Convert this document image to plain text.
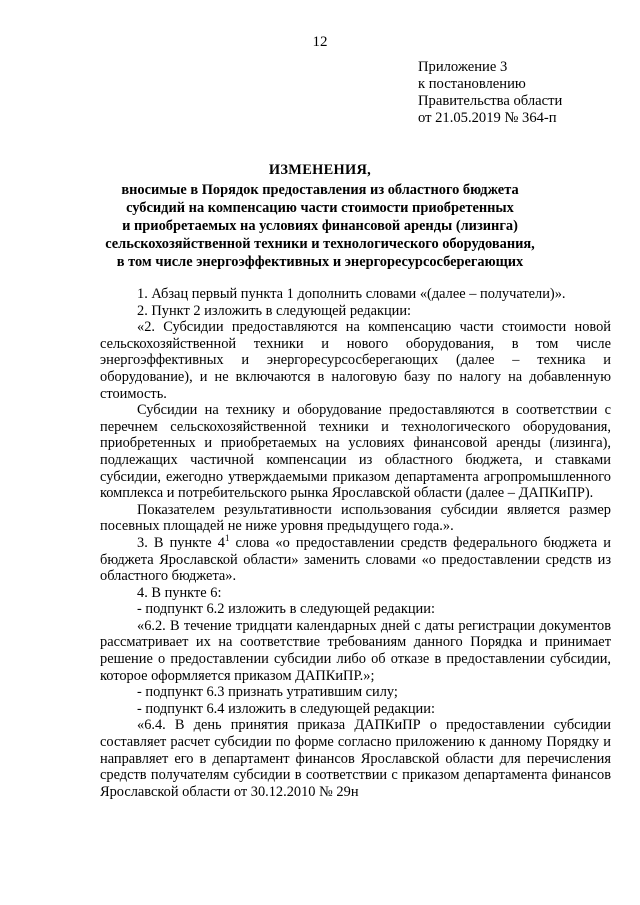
12
Приложение 3
к постановлению
Правительства области
от 21.05.2019 № 364-п
ИЗМЕНЕНИЯ,
вносимые в Порядок предоставления из областного бюджета
субсидий на компенсацию части стоимости приобретенных
и приобретаемых на условиях финансовой аренды (лизинга)
сельскохозяйственной техники и технологического оборудования,
в том числе энергоэффективных и энергоресурсосберегающих

1. Абзац первый пункта 1 дополнить словами «(далее – получатели)».

2. Пункт 2 изложить в следующей редакции:

«2. Субсидии предоставляются на компенсацию части стоимости новой сельскохозяйственной техники и нового оборудования, в том числе энергоэффективных и энергоресурсосберегающих (далее – техника и оборудование), и не включаются в налоговую базу по налогу на добавленную стоимость.

Субсидии на технику и оборудование предоставляются в соответствии с перечнем сельскохозяйственной техники и технологического оборудования, приобретенных и приобретаемых на условиях финансовой аренды (лизинга), подлежащих частичной компенсации из областного бюджета, и ставками субсидии, ежегодно утверждаемыми приказом департамента агропромышленного комплекса и потребительского рынка Ярославской области (далее – ДАПКиПР).

Показателем результативности использования субсидии является размер посевных площадей не ниже уровня предыдущего года.».

3. В пункте $4^1$ слова «о предоставлении средств федерального бюджета и бюджета Ярославской области» заменить словами «о предоставлении средств из областного бюджета».

4. В пункте 6:

- подпункт 6.2 изложить в следующей редакции:

«6.2. В течение тридцати календарных дней с даты регистрации документов рассматривает их на соответствие требованиям данного Порядка и принимает решение о предоставлении субсидии либо об отказе в предоставлении субсидии, которое оформляется приказом ДАПКиПР.»;

- подпункт 6.3 признать утратившим силу;

- подпункт 6.4 изложить в следующей редакции:

«6.4. В день принятия приказа ДАПКиПР о предоставлении субсидии составляет расчет субсидии по форме согласно приложению к данному Порядку и направляет его в департамент финансов Ярославской области для перечисления средств получателям субсидии в соответствии с приказом департамента финансов Ярославской области от 30.12.2010 № 29н
